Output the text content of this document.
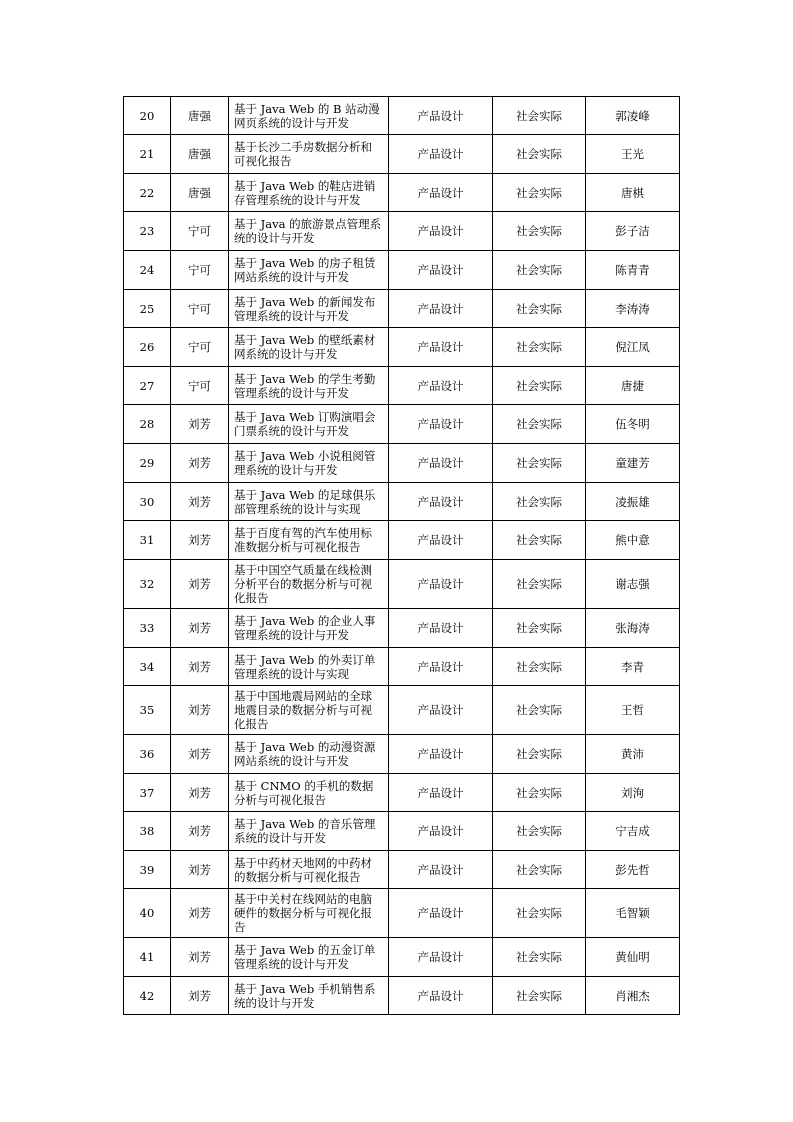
20	唐强	基于 Java Web 的 B 站动漫网页系统的设计与开发	产品设计	社会实际	郭凌峰
21	唐强	基于长沙二手房数据分析和可视化报告	产品设计	社会实际	王光
22	唐强	基于 Java Web 的鞋店进销存管理系统的设计与开发	产品设计	社会实际	唐棋
23	宁可	基于 Java 的旅游景点管理系统的设计与开发	产品设计	社会实际	彭子洁
24	宁可	基于 Java Web 的房子租赁网站系统的设计与开发	产品设计	社会实际	陈青青
25	宁可	基于 Java Web 的新闻发布管理系统的设计与开发	产品设计	社会实际	李涛涛
26	宁可	基于 Java Web 的壁纸素材网系统的设计与开发	产品设计	社会实际	倪江凤
27	宁可	基于 Java Web 的学生考勤管理系统的设计与开发	产品设计	社会实际	唐捷
28	刘芳	基于 Java Web 订购演唱会门票系统的设计与开发	产品设计	社会实际	伍冬明
29	刘芳	基于 Java Web 小说租阅管理系统的设计与开发	产品设计	社会实际	童建芳
30	刘芳	基于 Java Web 的足球俱乐部管理系统的设计与实现	产品设计	社会实际	凌振雄
31	刘芳	基于百度有驾的汽车使用标准数据分析与可视化报告	产品设计	社会实际	熊中意
32	刘芳	基于中国空气质量在线检测分析平台的数据分析与可视化报告	产品设计	社会实际	谢志强
33	刘芳	基于 Java Web 的企业人事管理系统的设计与开发	产品设计	社会实际	张海涛
34	刘芳	基于 Java Web 的外卖订单管理系统的设计与实现	产品设计	社会实际	李青
35	刘芳	基于中国地震局网站的全球地震目录的数据分析与可视化报告	产品设计	社会实际	王哲
36	刘芳	基于 Java Web 的动漫资源网站系统的设计与开发	产品设计	社会实际	黄沛
37	刘芳	基于 CNMO 的手机的数据分析与可视化报告	产品设计	社会实际	刘洵
38	刘芳	基于 Java Web 的音乐管理系统的设计与开发	产品设计	社会实际	宁吉成
39	刘芳	基于中药材天地网的中药材的数据分析与可视化报告	产品设计	社会实际	彭先哲
40	刘芳	基于中关村在线网站的电脑硬件的数据分析与可视化报告	产品设计	社会实际	毛智颖
41	刘芳	基于 Java Web 的五金订单管理系统的设计与开发	产品设计	社会实际	黄仙明
42	刘芳	基于 Java Web 手机销售系统的设计与开发	产品设计	社会实际	肖湘杰
